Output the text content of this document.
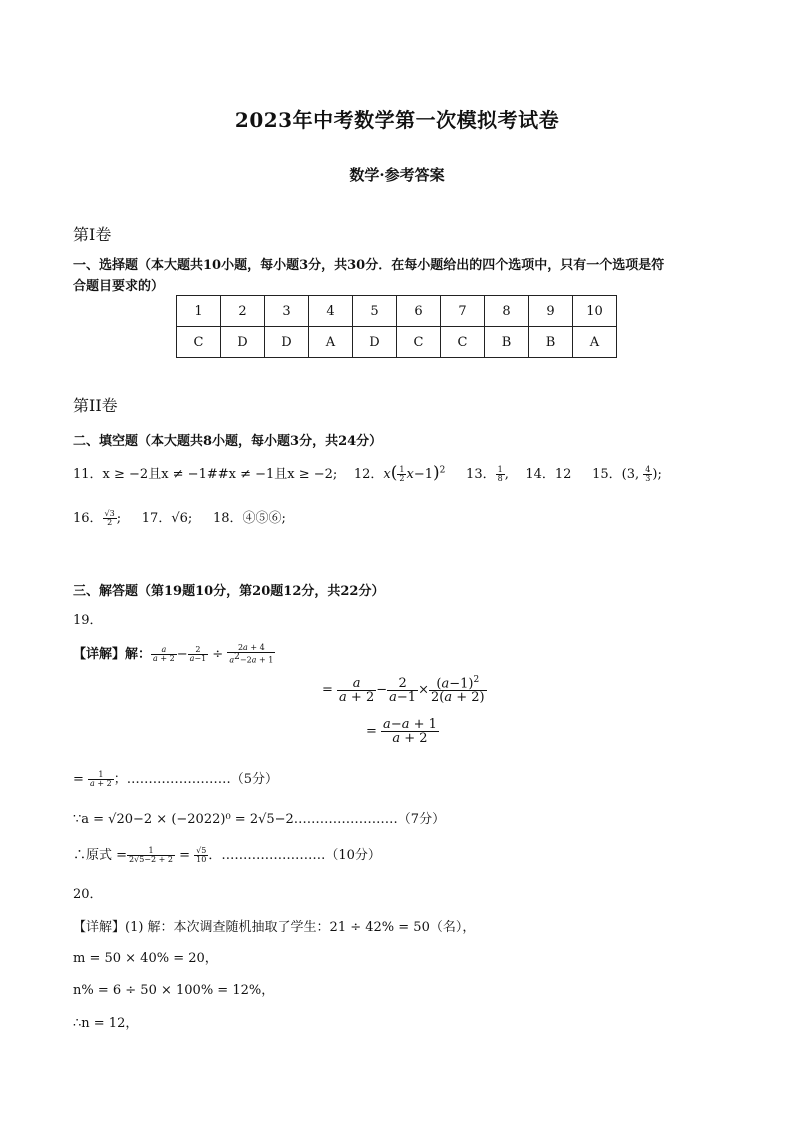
2023年中考数学第一次模拟考试卷
数学·参考答案
第Ⅰ卷
一、选择题（本大题共10小题，每小题3分，共30分．在每小题给出的四个选项中，只有一个选项是符
合题目要求的）
1	2	3	4	5	6	7	8	9	10
C	D	D	A	D	C	C	B	B	A
第II卷
二、填空题（本大题共8小题，每小题3分，共24分）
11．x ≥ −2且x ≠ −1##x ≠ −1且x ≥ −2; 12．$x( \frac{1}{2} x-1)^2$ 13． $\frac{1}{8}$ ,    14．12 15．(3, $\frac{4}{3}$ );
16． $\frac{√3}{2}$ ;     17．√6; 18．④⑤⑥;
三、解答题（第19题10分，第20题12分，共22分）
19．
【详解】解： $\frac{a}{a + 2} - \frac{2}{a-1} \div \frac{2a + 4}{a^2-2a + 1}$
= $\frac{a}{a + 2} - \frac{2}{a-1} \times \frac{(a-1)^2}{2(a + 2)}$
= $\frac{a-a + 1}{a + 2}$
= $\frac{1}{a + 2}$ ；……………………（5分）
∵a = √20−2 × (−2022)⁰ = 2√5−2……………………（7分）
∴原式 = $\frac{1}{2√5-2 + 2} = \frac{√5}{10}$ ．……………………（10分）
20．
【详解】(1) 解：本次调查随机抽取了学生：21 ÷ 42% = 50（名），
m = 50 × 40% = 20，
n% = 6 ÷ 50 × 100% = 12%，
∴n = 12，
